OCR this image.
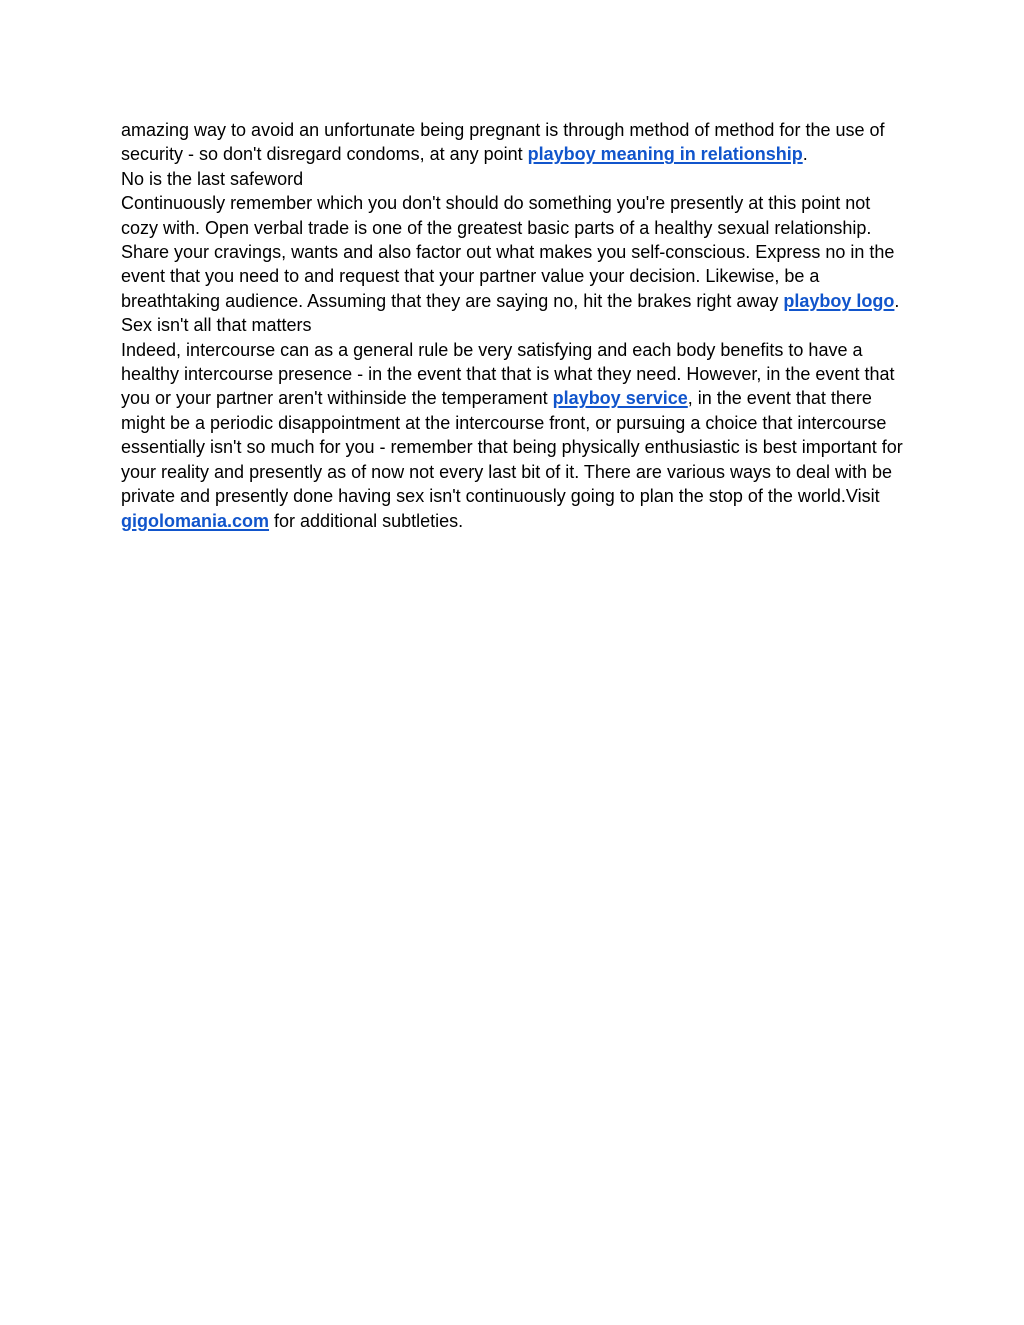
amazing way to avoid an unfortunate being pregnant is through method of method for the use of security - so don't disregard condoms, at any point playboy meaning in relationship.

No is the last safeword

Continuously remember which you don't should do something you're presently at this point not cozy with. Open verbal trade is one of the greatest basic parts of a healthy sexual relationship. Share your cravings, wants and also factor out what makes you self-conscious. Express no in the event that you need to and request that your partner value your decision. Likewise, be a breathtaking audience. Assuming that they are saying no, hit the brakes right away playboy logo.

Sex isn't all that matters

Indeed, intercourse can as a general rule be very satisfying and each body benefits to have a healthy intercourse presence - in the event that that is what they need. However, in the event that you or your partner aren't withinside the temperament playboy service, in the event that there might be a periodic disappointment at the intercourse front, or pursuing a choice that intercourse essentially isn't so much for you - remember that being physically enthusiastic is best important for your reality and presently as of now not every last bit of it. There are various ways to deal with be private and presently done having sex isn't continuously going to plan the stop of the world.Visit gigolomania.com for additional subtleties.
